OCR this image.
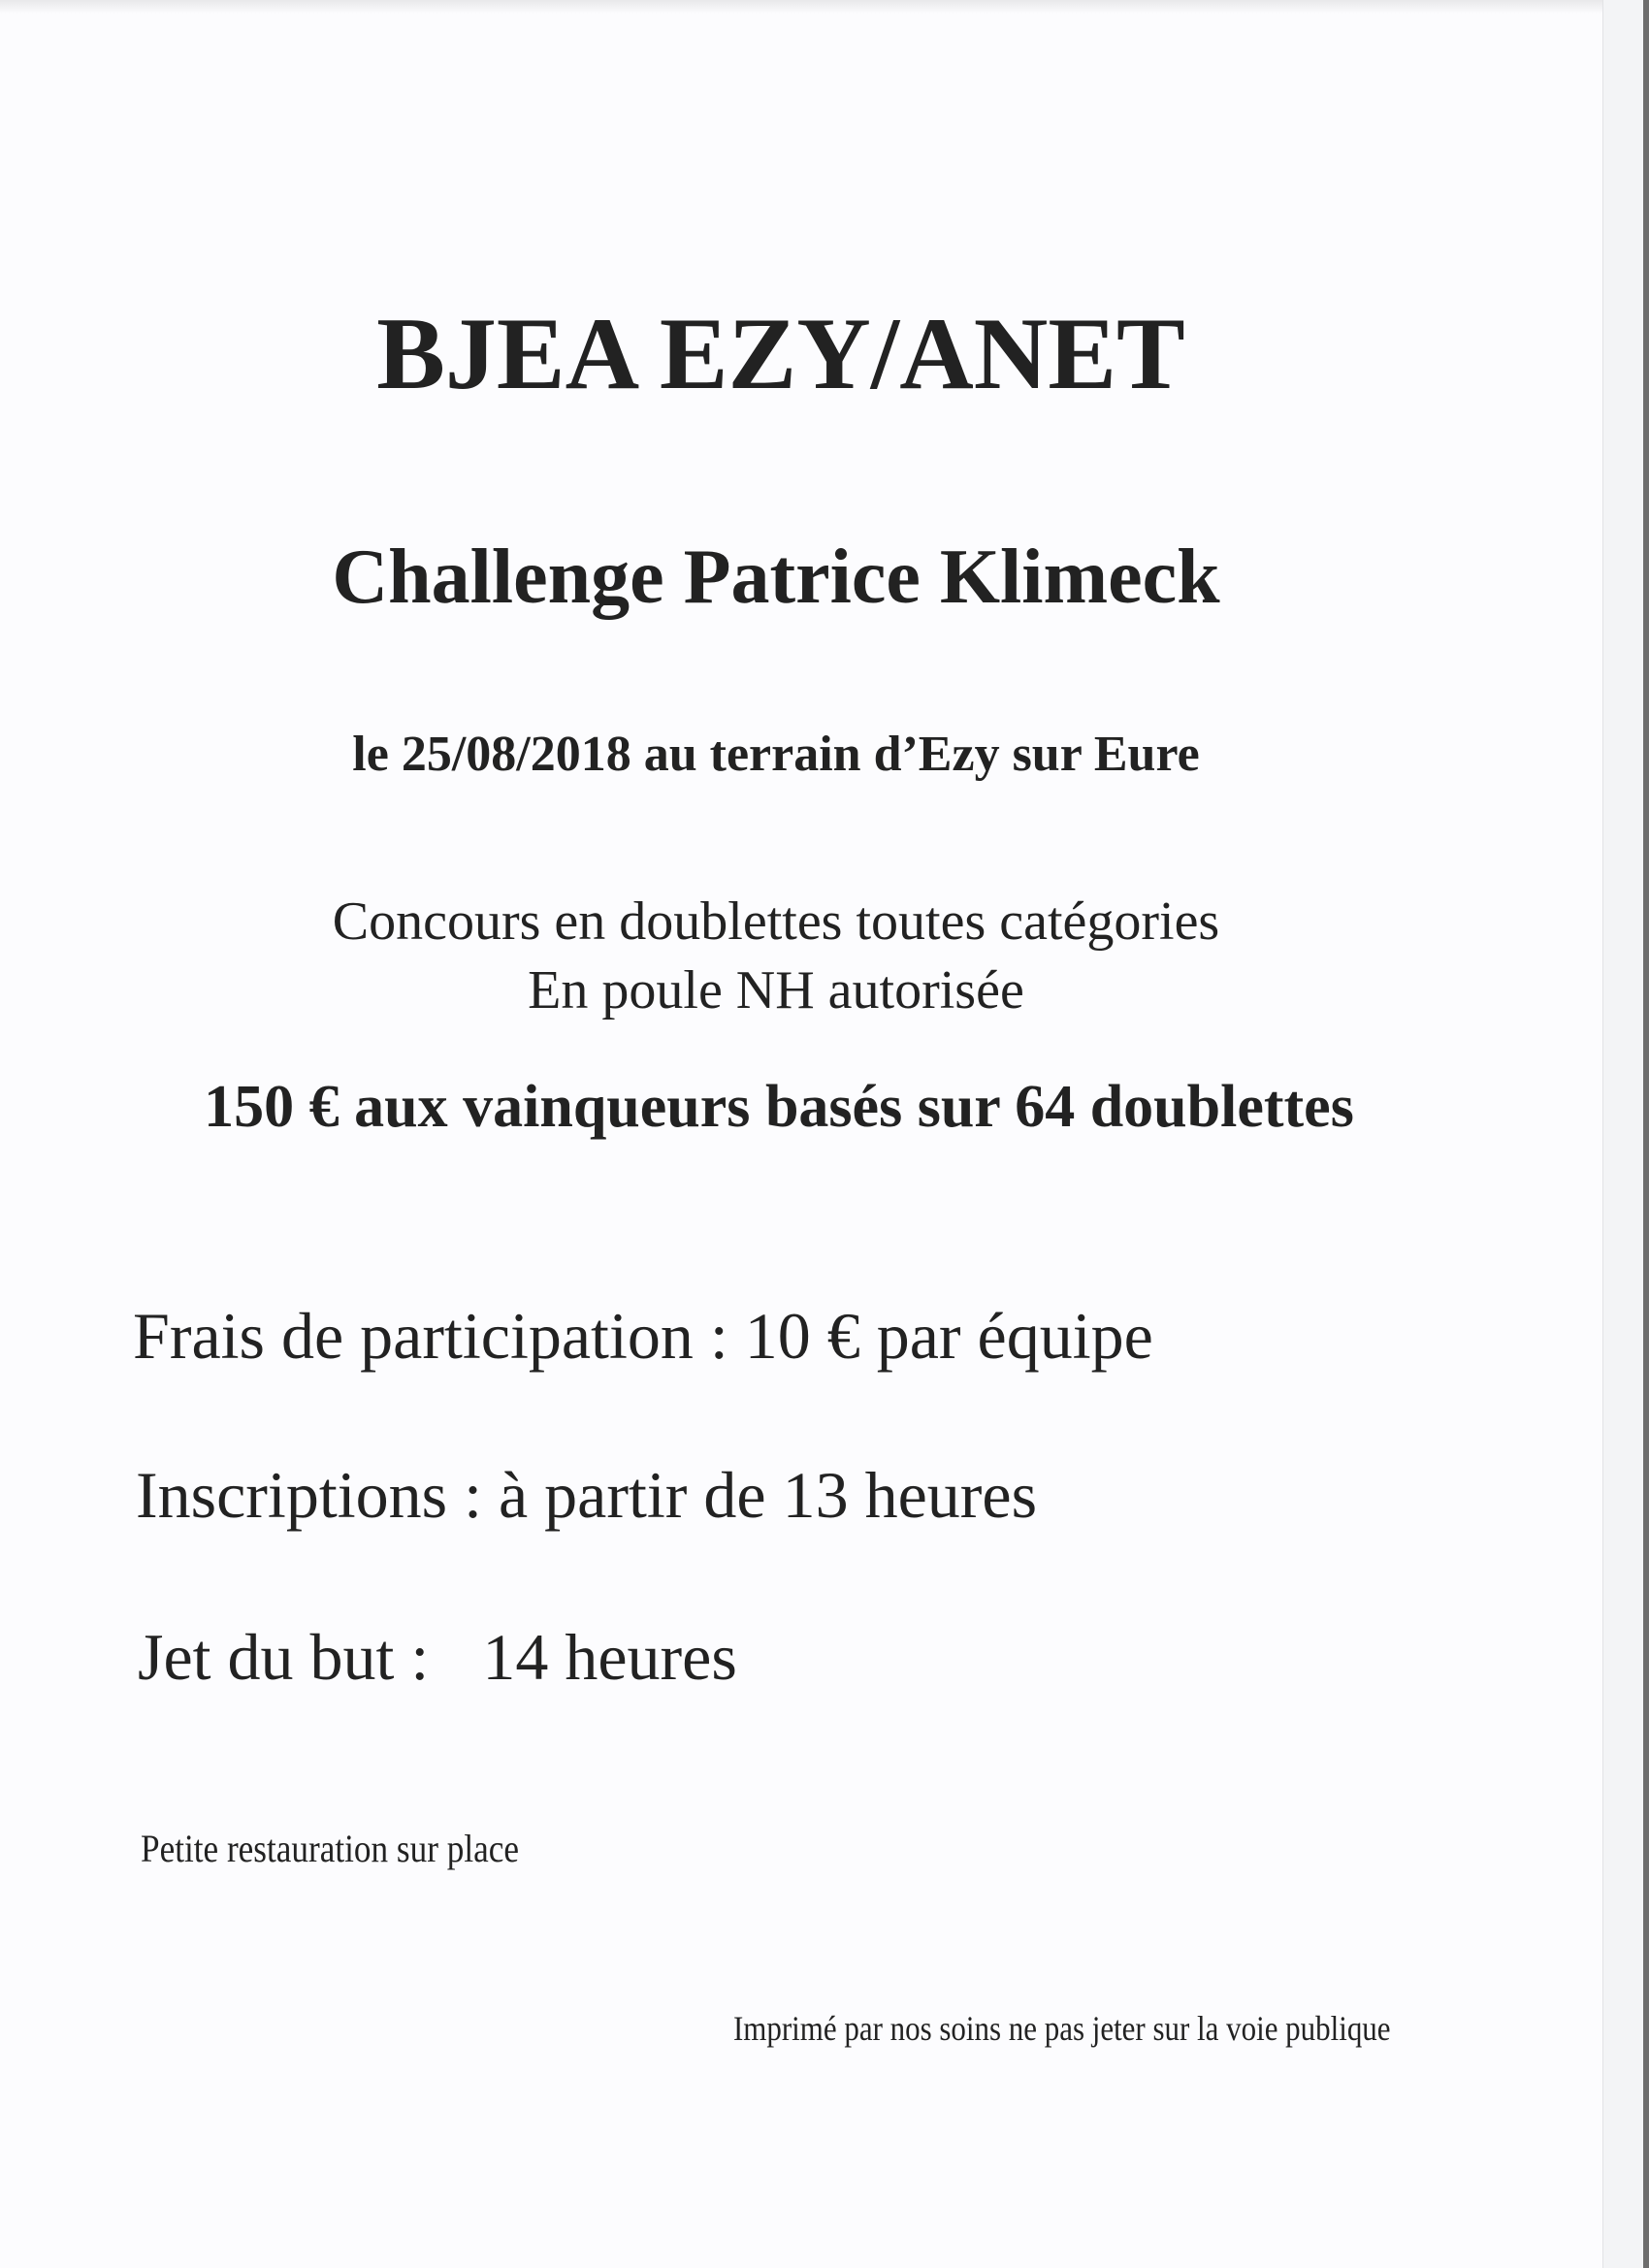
BJEA EZY/ANET
Challenge Patrice Klimeck
le 25/08/2018 au terrain d’Ezy sur Eure
Concours en doublettes toutes catégories
En poule NH autorisée
150 € aux vainqueurs basés sur 64 doublettes
Frais de participation : 10 € par équipe
Inscriptions : à partir de 13 heures
Jet du but : 14 heures
Petite restauration sur place
Imprimé par nos soins ne pas jeter sur la voie publique
